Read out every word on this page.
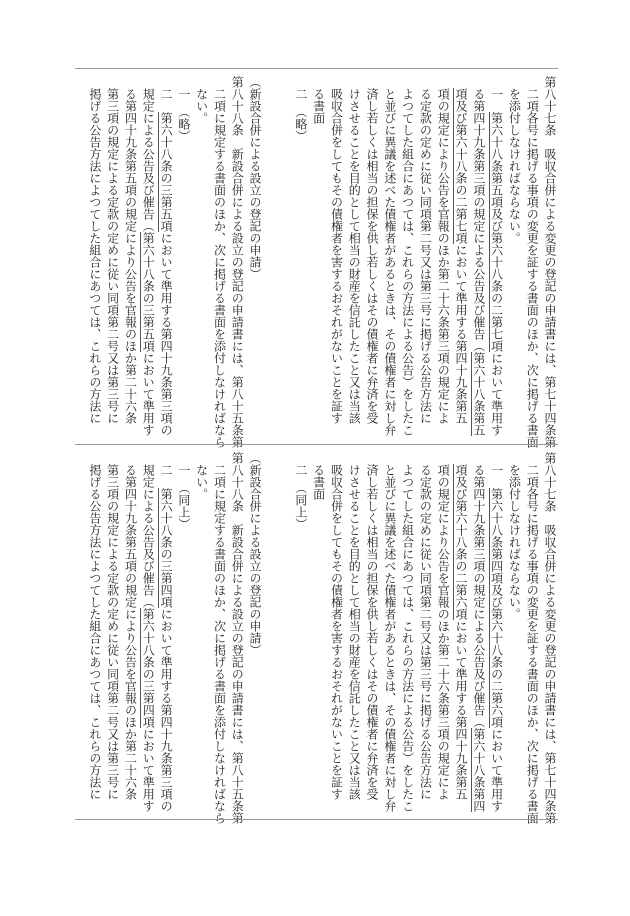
第八十七条　吸収合併による変更の登記の申請書には、第七十四条第
二項各号に掲げる事項の変更を証する書面のほか、次に掲げる書面
を添付しなければならない。
一　第六十八条第五項及び第六十八条の二第七項において準用す
る第四十九条第三項の規定による公告及び催告（第六十八条第五
項及び第六十八条の二第七項において準用する第四十九条第五
項の規定により公告を官報のほか第二十六条第三項の規定によ
る定款の定めに従い同項第二号又は第三号に掲げる公告方法に
よつてした組合にあつては、これらの方法による公告）をしたこ
と並びに異議を述べた債権者があるときは、その債権者に対し弁
済し若しくは相当の担保を供し若しくはその債権者に弁済を受
けさせることを目的として相当の財産を信託したこと又は当該
吸収合併をしてもその債権者を害するおそれがないことを証す
る書面
二　（略）
（新設合併による設立の登記の申請）
第八十八条　新設合併による設立の登記の申請書には、第八十五条第
二項に規定する書面のほか、次に掲げる書面を添付しなければなら
ない。
一　（略）
二　第六十八条の三第五項において準用する第四十九条第三項の
規定による公告及び催告（第六十八条の三第五項において準用す
る第四十九条第五項の規定により公告を官報のほか第二十六条
第三項の規定による定款の定めに従い同項第二号又は第三号に
掲げる公告方法によつてした組合にあつては、これらの方法に
第八十七条　吸収合併による変更の登記の申請書には、第七十四条第
二項各号に掲げる事項の変更を証する書面のほか、次に掲げる書面
を添付しなければならない。
一　第六十八条第四項及び第六十八条の二第六項において準用す
る第四十九条第三項の規定による公告及び催告（第六十八条第四
項及び第六十八条の二第六項において準用する第四十九条第五
項の規定により公告を官報のほか第二十六条第三項の規定によ
る定款の定めに従い同項第二号又は第三号に掲げる公告方法に
よつてした組合にあつては、これらの方法による公告）をしたこ
と並びに異議を述べた債権者があるときは、その債権者に対し弁
済し若しくは相当の担保を供し若しくはその債権者に弁済を受
けさせることを目的として相当の財産を信託したこと又は当該
吸収合併をしてもその債権者を害するおそれがないことを証す
る書面
二　（同上）
（新設合併による設立の登記の申請）
第八十八条　新設合併による設立の登記の申請書には、第八十五条第
二項に規定する書面のほか、次に掲げる書面を添付しなければなら
ない。
一　（同上）
二　第六十八条の三第四項において準用する第四十九条第三項の
規定による公告及び催告（第六十八条の三第四項において準用す
る第四十九条第五項の規定により公告を官報のほか第二十六条
第三項の規定による定款の定めに従い同項第二号又は第三号に
掲げる公告方法によつてした組合にあつては、これらの方法に
